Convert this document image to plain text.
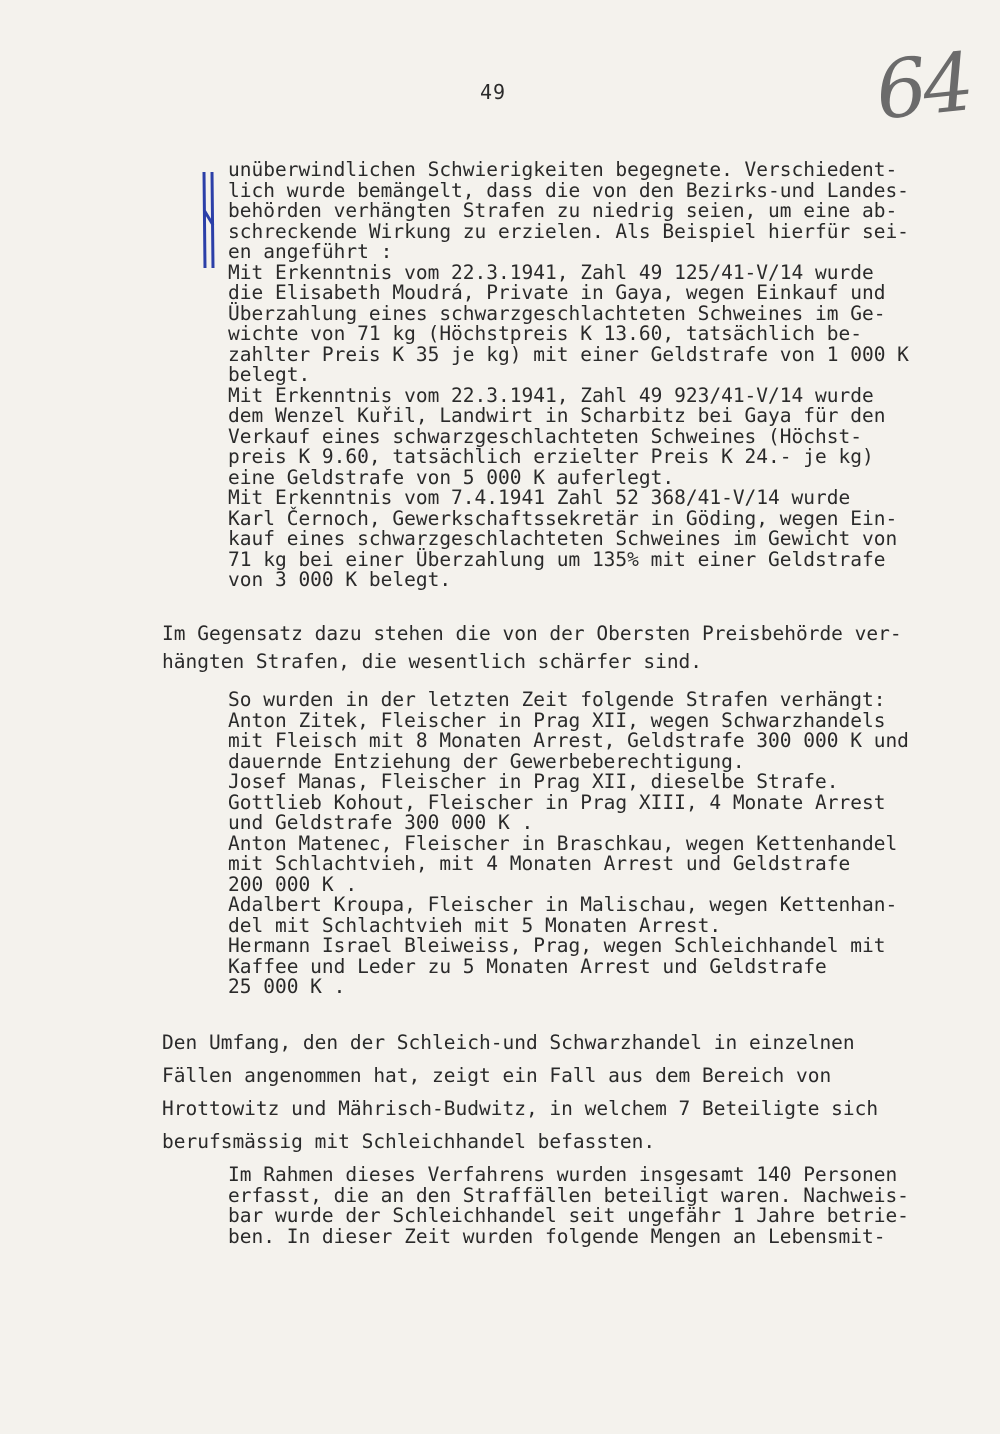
49	64
unüberwindlichen Schwierigkeiten begegnete. Verschiedent-
lich wurde bemängelt, dass die von den Bezirks-und Landes-
behörden verhängten Strafen zu niedrig seien, um eine ab-
schreckende Wirkung zu erzielen. Als Beispiel hierfür sei-
en angeführt :
Mit Erkenntnis vom 22.3.1941, Zahl 49 125/41-V/14 wurde
die Elisabeth Moudrá, Private in Gaya, wegen Einkauf und
Überzahlung eines schwarzgeschlachteten Schweines im Ge-
wichte von 71 kg (Höchstpreis K 13.60, tatsächlich be-
zahlter Preis K 35 je kg) mit einer Geldstrafe von 1 000 K
belegt.
Mit Erkenntnis vom 22.3.1941, Zahl 49 923/41-V/14 wurde
dem Wenzel Kuřil, Landwirt in Scharbitz bei Gaya für den
Verkauf eines schwarzgeschlachteten Schweines (Höchst-
preis K 9.60, tatsächlich erzielter Preis K 24.- je kg)
eine Geldstrafe von 5 000 K auferlegt.
Mit Erkenntnis vom 7.4.1941 Zahl 52 368/41-V/14 wurde
Karl Černoch, Gewerkschaftssekretär in Göding, wegen Ein-
kauf eines schwarzgeschlachteten Schweines im Gewicht von
71 kg bei einer Überzahlung um 135% mit einer Geldstrafe
von 3 000 K belegt.
Im Gegensatz dazu stehen die von der Obersten Preisbehörde ver-
hängten Strafen, die wesentlich schärfer sind.
So wurden in der letzten Zeit folgende Strafen verhängt:
Anton Zitek, Fleischer in Prag XII, wegen Schwarzhandels
mit Fleisch mit 8 Monaten Arrest, Geldstrafe 300 000 K und
dauernde Entziehung der Gewerbeberechtigung.
Josef Manas, Fleischer in Prag XII, dieselbe Strafe.
Gottlieb Kohout, Fleischer in Prag XIII, 4 Monate Arrest
und Geldstrafe 300 000 K .
Anton Matenec, Fleischer in Braschkau, wegen Kettenhandel
mit Schlachtvieh, mit 4 Monaten Arrest und Geldstrafe
200 000 K .
Adalbert Kroupa, Fleischer in Malischau, wegen Kettenhan-
del mit Schlachtvieh mit 5 Monaten Arrest.
Hermann Israel Bleiweiss, Prag, wegen Schleichhandel mit
Kaffee und Leder zu 5 Monaten Arrest und Geldstrafe
25 000 K .
Den Umfang, den der Schleich-und Schwarzhandel in einzelnen
Fällen angenommen hat, zeigt ein Fall aus dem Bereich von
Hrottowitz und Mährisch-Budwitz, in welchem 7 Beteiligte sich
berufsmässig mit Schleichhandel befassten.
Im Rahmen dieses Verfahrens wurden insgesamt 140 Personen
erfasst, die an den Straffällen beteiligt waren. Nachweis-
bar wurde der Schleichhandel seit ungefähr 1 Jahre betrie-
ben. In dieser Zeit wurden folgende Mengen an Lebensmit-
